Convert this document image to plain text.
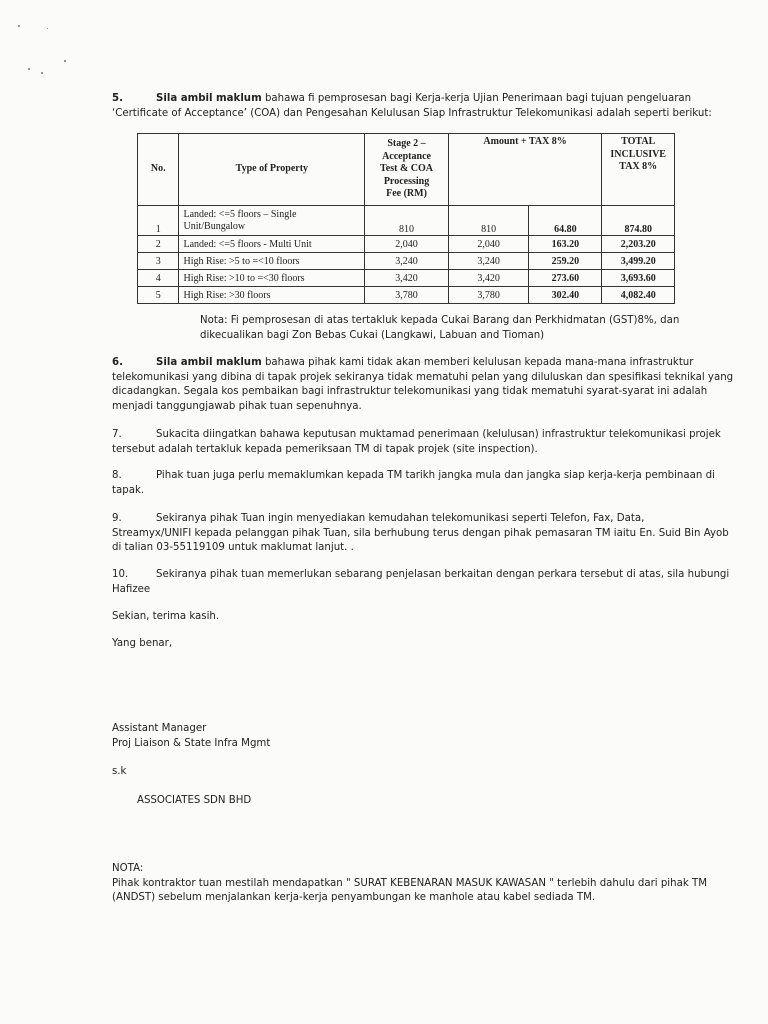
5.	Sila ambil maklum bahawa fi pemprosesan bagi Kerja-kerja Ujian Penerimaan bagi tujuan pengeluaran
‘Certificate of Acceptance’ (COA) dan Pengesahan Kelulusan Siap Infrastruktur Telekomunikasi adalah seperti berikut:
No.	Type of Property	Stage 2 – Acceptance Test & COA Processing Fee (RM)	Amount + TAX 8%		TOTAL INCLUSIVE TAX 8%
1	Landed: <=5 floors – Single Unit/Bungalow	810	810	64.80	874.80
2	Landed: <=5 floors - Multi Unit	2,040	2,040	163.20	2,203.20
3	High Rise: >5 to =<10 floors	3,240	3,240	259.20	3,499.20
4	High Rise: >10 to =<30 floors	3,420	3,420	273.60	3,693.60
5	High Rise: >30 floors	3,780	3,780	302.40	4,082.40
Nota: Fi pemprosesan di atas tertakluk kepada Cukai Barang dan Perkhidmatan (GST)8%, dan
dikecualikan bagi Zon Bebas Cukai (Langkawi, Labuan and Tioman)
6.	Sila ambil maklum bahawa pihak kami tidak akan memberi kelulusan kepada mana-mana infrastruktur
telekomunikasi yang dibina di tapak projek sekiranya tidak mematuhi pelan yang diluluskan dan spesifikasi teknikal yang
dicadangkan. Segala kos pembaikan bagi infrastruktur telekomunikasi yang tidak mematuhi syarat-syarat ini adalah
menjadi tanggungjawab pihak tuan sepenuhnya.
7.	Sukacita diingatkan bahawa keputusan muktamad penerimaan (kelulusan) infrastruktur telekomunikasi projek
tersebut adalah tertakluk kepada pemeriksaan TM di tapak projek (site inspection).
8.	Pihak tuan juga perlu memaklumkan kepada TM tarikh jangka mula dan jangka siap kerja-kerja pembinaan di
tapak.
9.	Sekiranya pihak Tuan ingin menyediakan kemudahan telekomunikasi seperti Telefon, Fax, Data,
Streamyx/UNIFI kepada pelanggan pihak Tuan, sila berhubung terus dengan pihak pemasaran TM iaitu En. Suid Bin Ayob
di talian 03-55119109 untuk maklumat lanjut. .
10.	Sekiranya pihak tuan memerlukan sebarang penjelasan berkaitan dengan perkara tersebut di atas, sila hubungi
Hafizee
Sekian, terima kasih.
Yang benar,
Assistant Manager
Proj Liaison & State Infra Mgmt
s.k
ASSOCIATES SDN BHD
NOTA:
Pihak kontraktor tuan mestilah mendapatkan " SURAT KEBENARAN MASUK KAWASAN " terlebih dahulu dari pihak TM
(ANDST) sebelum menjalankan kerja-kerja penyambungan ke manhole atau kabel sediada TM.
